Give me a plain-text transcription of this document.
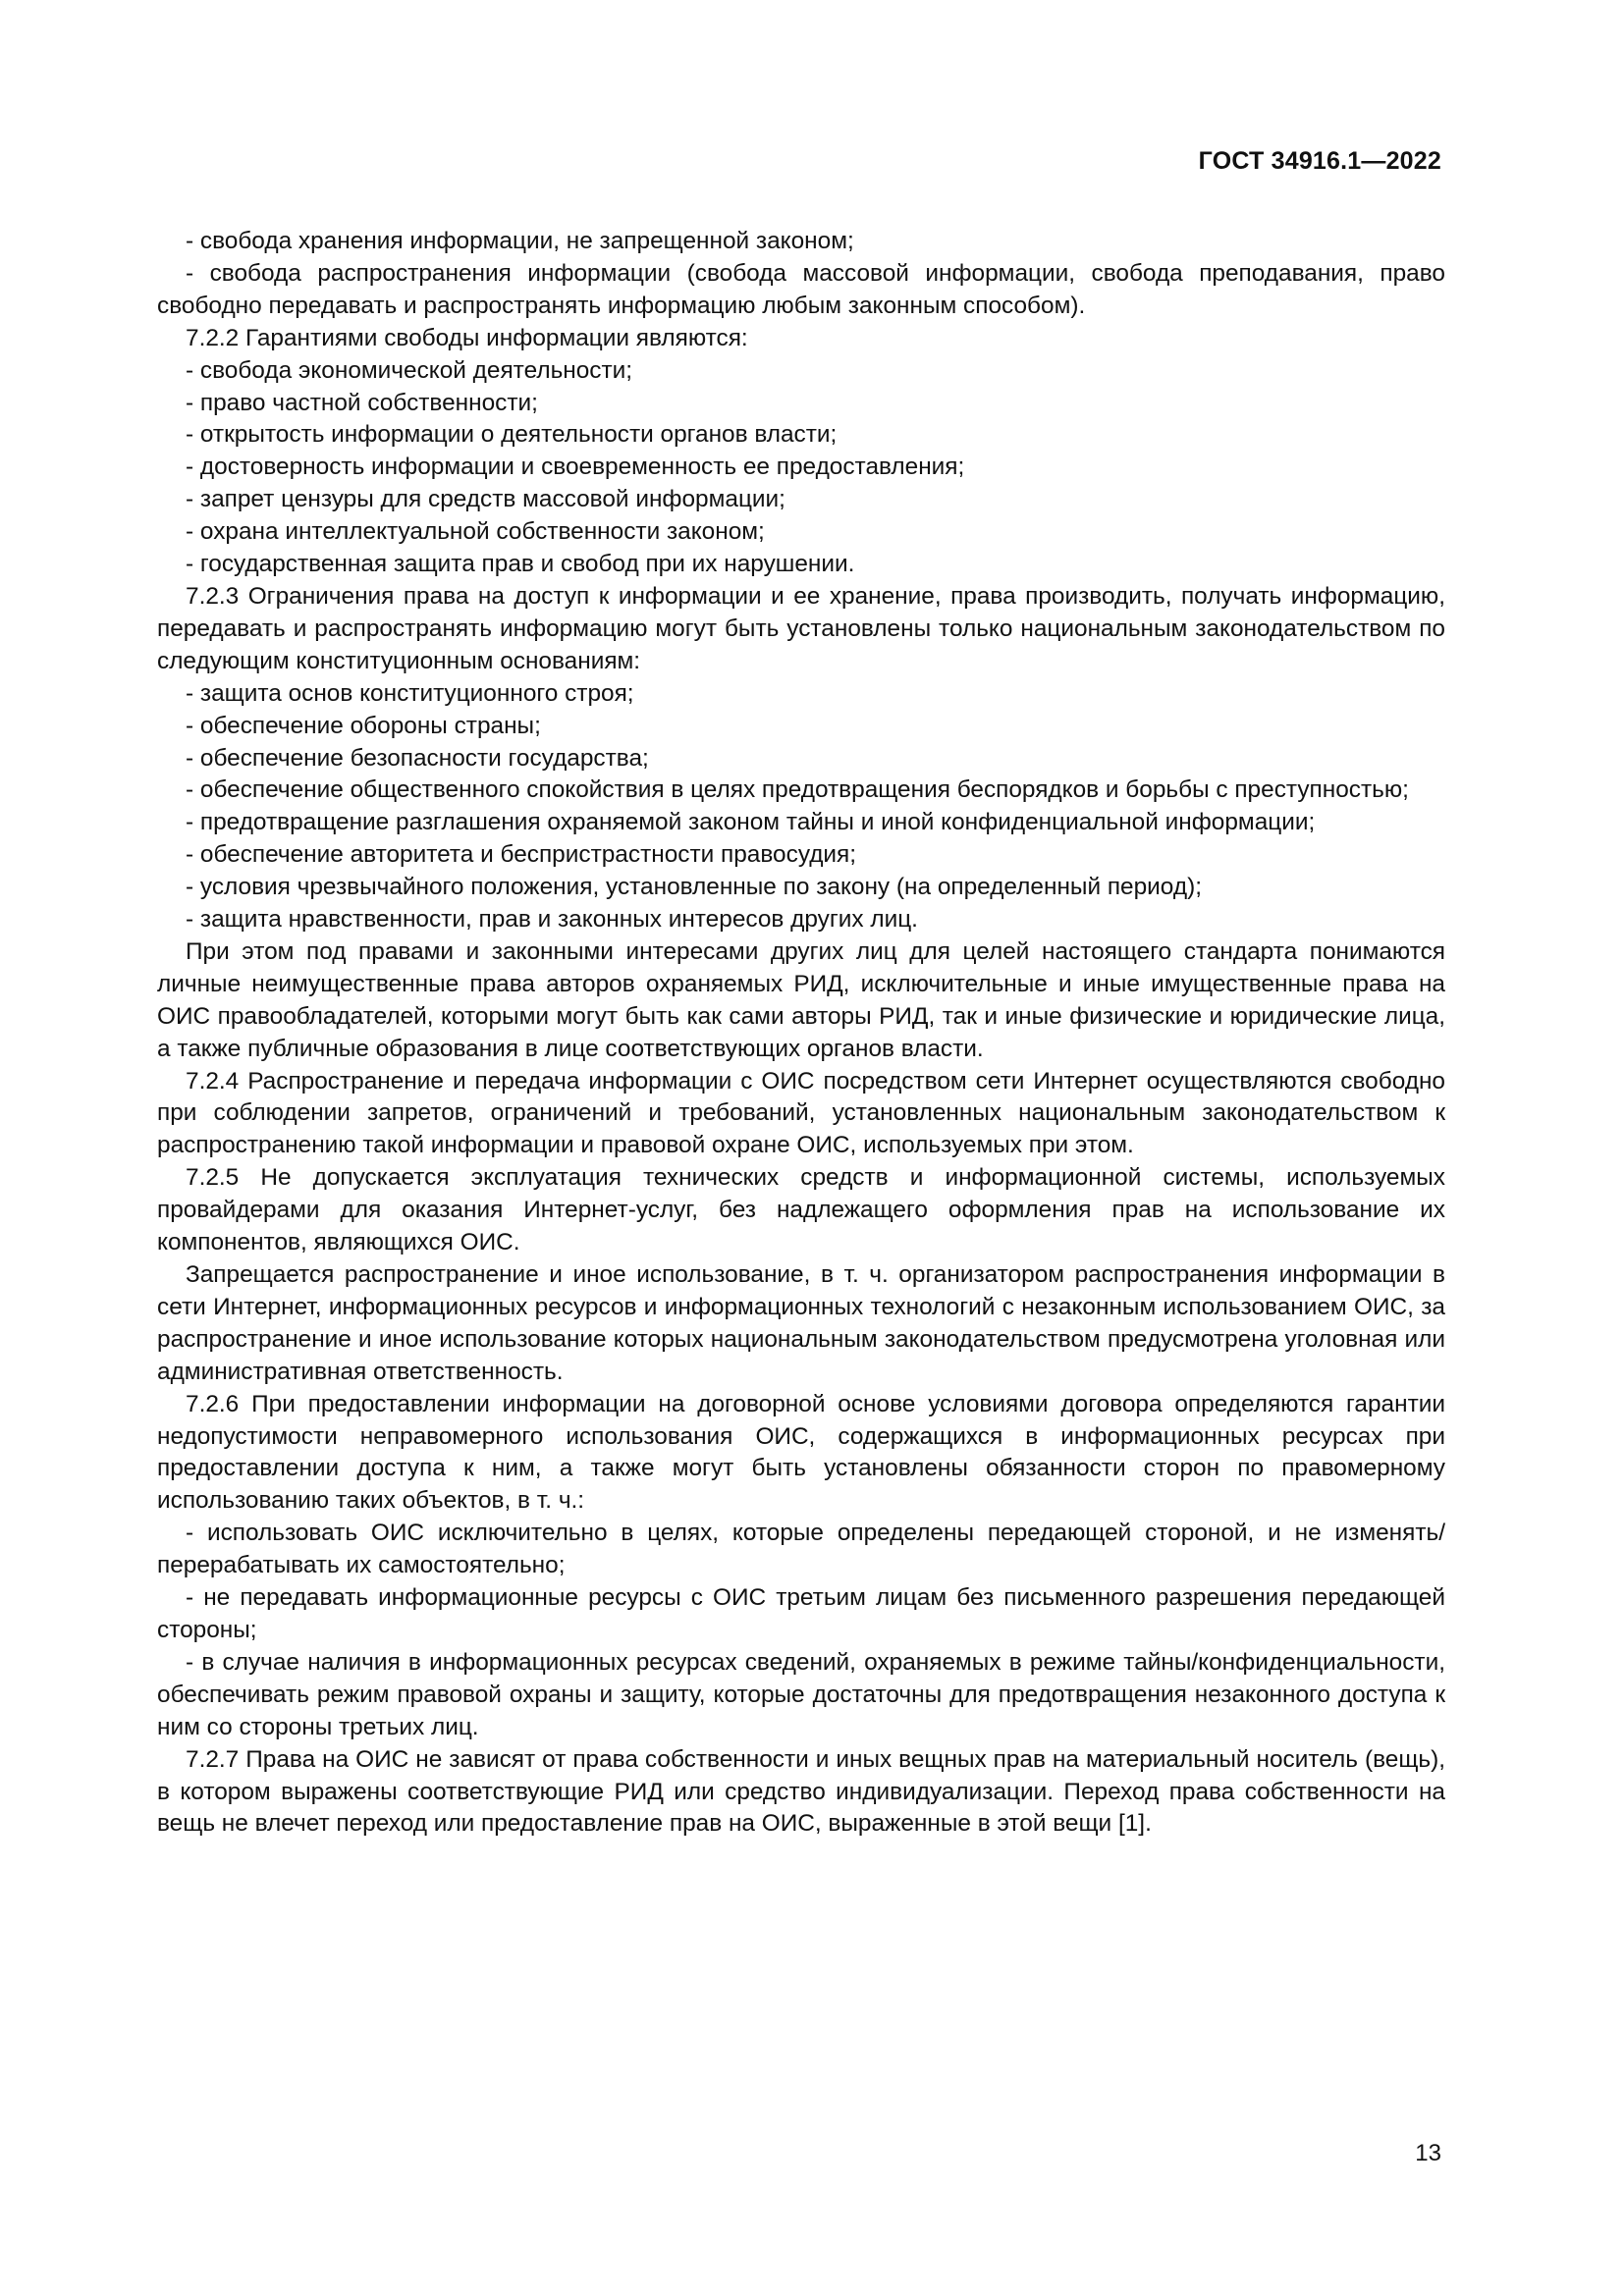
ГОСТ 34916.1—2022

- свобода хранения информации, не запрещенной законом;

- свобода распространения информации (свобода массовой информации, свобода преподавания, право свободно передавать и распространять информацию любым законным способом).

7.2.2 Гарантиями свободы информации являются:

- свобода экономической деятельности;

- право частной собственности;

- открытость информации о деятельности органов власти;

- достоверность информации и своевременность ее предоставления;

- запрет цензуры для средств массовой информации;

- охрана интеллектуальной собственности законом;

- государственная защита прав и свобод при их нарушении.

7.2.3 Ограничения права на доступ к информации и ее хранение, права производить, получать информацию, передавать и распространять информацию могут быть установлены только национальным законодательством по следующим конституционным основаниям:

- защита основ конституционного строя;

- обеспечение обороны страны;

- обеспечение безопасности государства;

- обеспечение общественного спокойствия в целях предотвращения беспорядков и борьбы с преступностью;

- предотвращение разглашения охраняемой законом тайны и иной конфиденциальной информации;

- обеспечение авторитета и беспристрастности правосудия;

- условия чрезвычайного положения, установленные по закону (на определенный период);

- защита нравственности, прав и законных интересов других лиц.

При этом под правами и законными интересами других лиц для целей настоящего стандарта понимаются личные неимущественные права авторов охраняемых РИД, исключительные и иные имущественные права на ОИС правообладателей, которыми могут быть как сами авторы РИД, так и иные физические и юридические лица, а также публичные образования в лице соответствующих органов власти.

7.2.4 Распространение и передача информации с ОИС посредством сети Интернет осуществляются свободно при соблюдении запретов, ограничений и требований, установленных национальным законодательством к распространению такой информации и правовой охране ОИС, используемых при этом.

7.2.5 Не допускается эксплуатация технических средств и информационной системы, используемых провайдерами для оказания Интернет-услуг, без надлежащего оформления прав на использование их компонентов, являющихся ОИС.

Запрещается распространение и иное использование, в т. ч. организатором распространения информации в сети Интернет, информационных ресурсов и информационных технологий с незаконным использованием ОИС, за распространение и иное использование которых национальным законодательством предусмотрена уголовная или административная ответственность.

7.2.6 При предоставлении информации на договорной основе условиями договора определяются гарантии недопустимости неправомерного использования ОИС, содержащихся в информационных ресурсах при предоставлении доступа к ним, а также могут быть установлены обязанности сторон по правомерному использованию таких объектов, в т. ч.:

- использовать ОИС исключительно в целях, которые определены передающей стороной, и не изменять/перерабатывать их самостоятельно;

- не передавать информационные ресурсы с ОИС третьим лицам без письменного разрешения передающей стороны;

- в случае наличия в информационных ресурсах сведений, охраняемых в режиме тайны/конфиденциальности, обеспечивать режим правовой охраны и защиту, которые достаточны для предотвращения незаконного доступа к ним со стороны третьих лиц.

7.2.7 Права на ОИС не зависят от права собственности и иных вещных прав на материальный носитель (вещь), в котором выражены соответствующие РИД или средство индивидуализации. Переход права собственности на вещь не влечет переход или предоставление прав на ОИС, выраженные в этой вещи [1].

13
